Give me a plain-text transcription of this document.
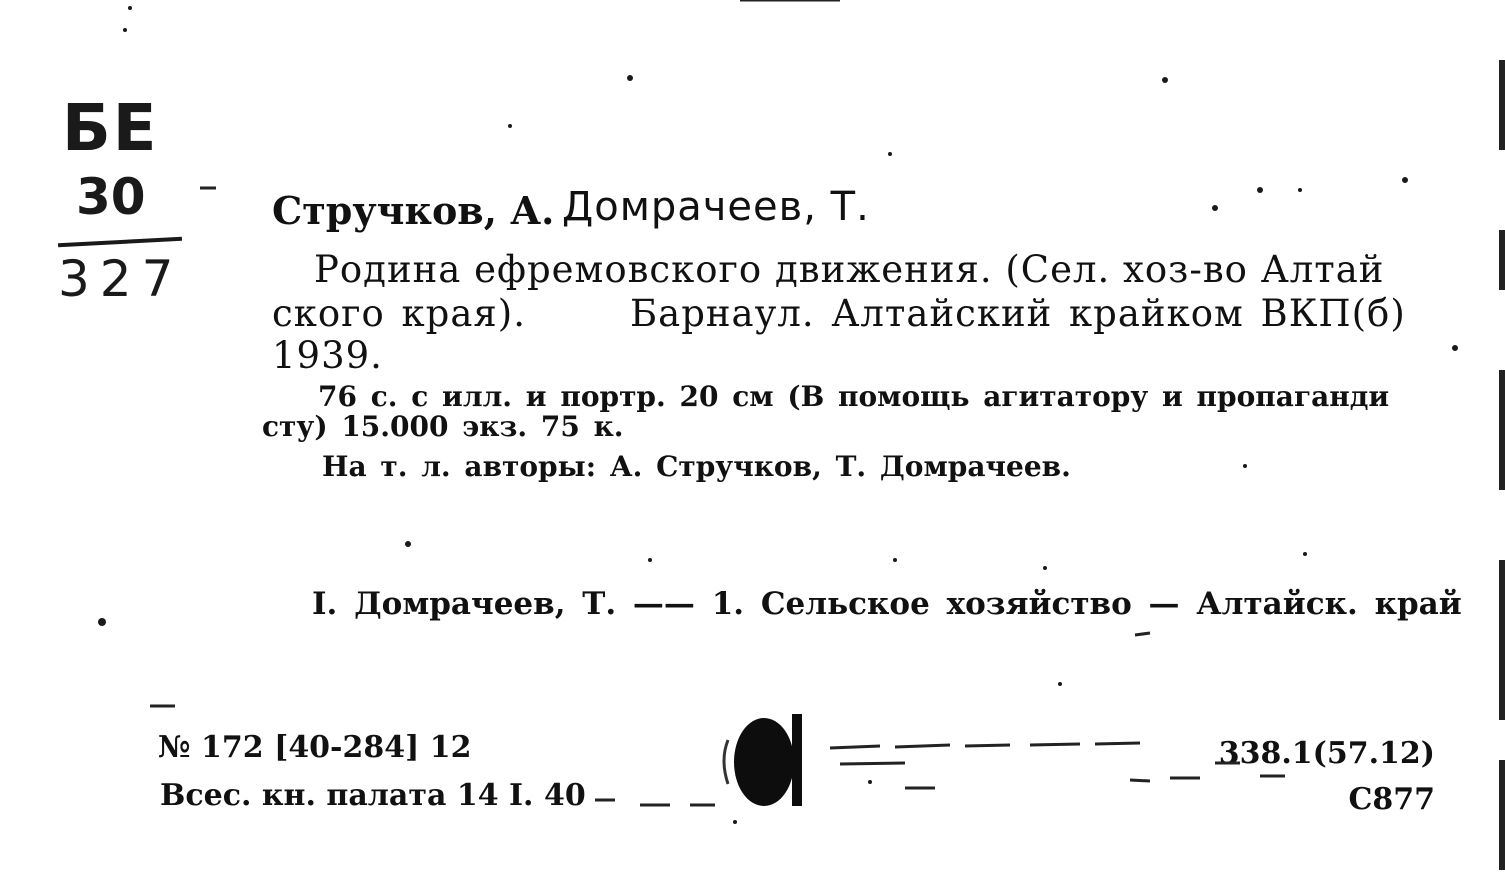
БЕ
30
327
Стручков, А. Домрачеев, Т.
Родина ефремовского движения. (Сел. хоз-во Алтай
ского края).	Барнаул. Алтайский крайком ВКП(б)
1939.
76 с. с илл. и портр. 20 см (В помощь агитатору и пропаганди
сту) 15.000 экз. 75 к.
На т. л. авторы: А. Стручков, Т. Домрачеев.
I. Домрачеев, Т. —— 1. Сельское хозяйство — Алтайск. край
№ 172 [40-284] 12
Всес. кн. палата 14 I. 40
338.1(57.12)
С877
